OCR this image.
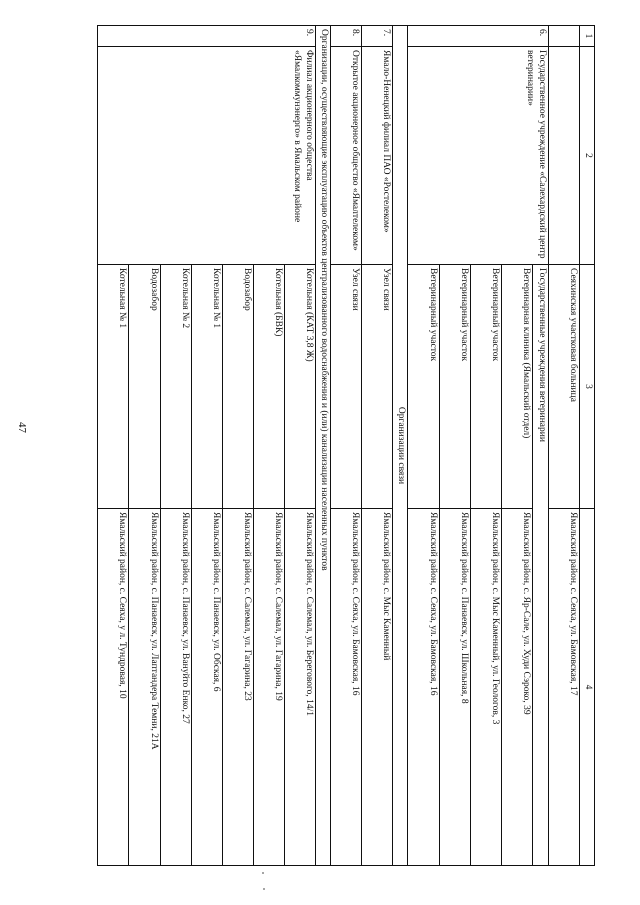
47
1	2	3	4
		Сеяхинская участковая больница	Ямальский район, с. Сеяха, ул. Бамовская, 17
6.	Государственное учреждение «Салехардский центр ветеринарии»	Государственные учреждения ветеринарии	
		Ветеринарная клиника (Ямальский отдел)	Ямальский район, с. Яр-Сале, ул. Худи Сэроко, 39
		Ветеринарный участок	Ямальский район, с. Мыс Каменный, ул. Геологов, 3
		Ветеринарный участок	Ямальский район, с. Панаевск, ул. Школьная, 8
		Ветеринарный участок	Ямальский район, с. Сеяха, ул. Бамовская, 16
Организации связи			
7.	Ямало-Ненецкий филиал ПАО «Ростелеком»	Узел связи	Ямальский район, с. Мыс Каменный
8.	Открытое акционерное общество «Ямалтелеком»	Узел связи	Ямальский район, с. Сеяха, ул. Бамовская, 16
Организации, осуществляющие эксплуатацию объектов централизованного водоснабжения и (или) канализации населенных пунктов			
9.	Филиал акционерного общества «Ямалкоммунэнерго» в Ямальском районе	Котельная (КАТ 3,8 Ж)	Ямальский район, с. Салемал, ул. Берегового, 14/1
		Котельная (БВК)	Ямальский район, с. Салемал, ул. Гагарина, 19
		Водозабор	Ямальский район, с. Салемал, ул. Гагарина, 23
		Котельная № 1	Ямальский район, с. Панаевск, ул. Обская, 6
		Котельная № 2	Ямальский район, с. Панаевск, ул. Вануйто Енко, 27
		Водозабор	Ямальский район, с. Панаевск, ул. Лаптандера Темни, 21А
		Котельная № 1	Ямальский район, с. Сеяха, у л. Тундровая, 10
